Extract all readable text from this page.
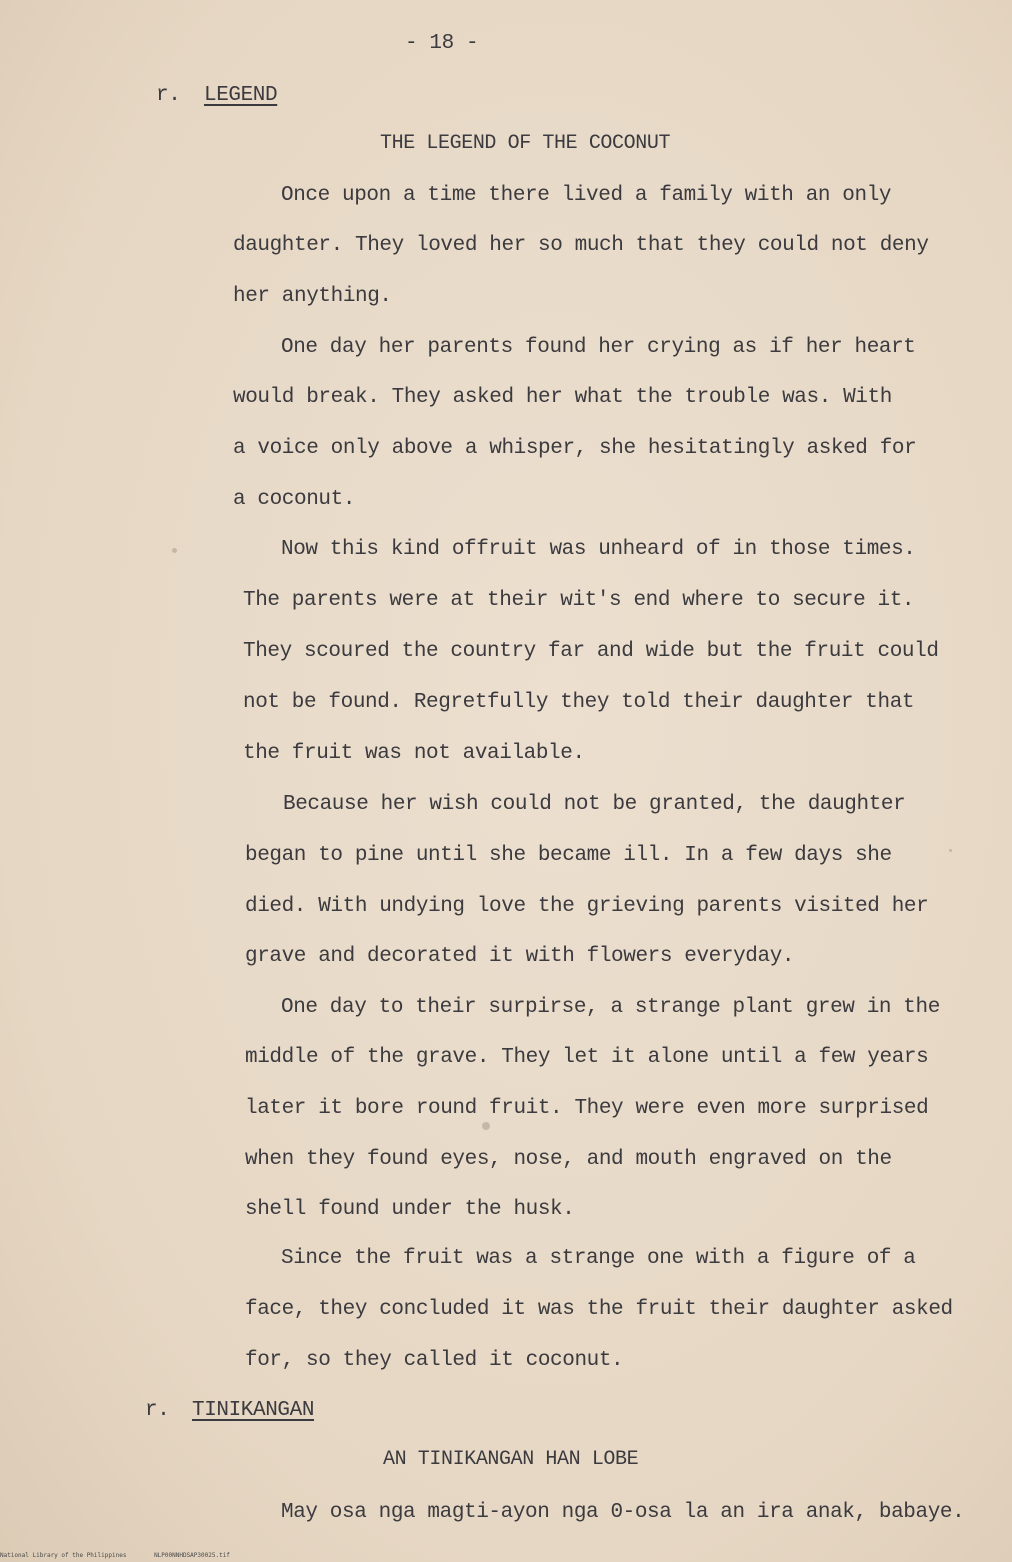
- 18 -
r. LEGEND
THE LEGEND OF THE COCONUT
Once upon a time there lived a family with an only
daughter. They loved her so much that they could not deny
her anything.
One day her parents found her crying as if her heart
would break. They asked her what the trouble was. With
a voice only above a whisper, she hesitatingly asked for
a coconut.
Now this kind offruit was unheard of in those times.
The parents were at their wit's end where to secure it.
They scoured the country far and wide but the fruit could
not be found. Regretfully they told their daughter that
the fruit was not available.
Because her wish could not be granted, the daughter
began to pine until she became ill. In a few days she
died. With undying love the grieving parents visited her
grave and decorated it with flowers everyday.
One day to their surpirse, a strange plant grew in the
middle of the grave. They let it alone until a few years
later it bore round fruit. They were even more surprised
when they found eyes, nose, and mouth engraved on the
shell found under the husk.
Since the fruit was a strange one with a figure of a
face, they concluded it was the fruit their daughter asked
for, so they called it coconut.
r. TINIKANGAN
AN TINIKANGAN HAN LOBE
May osa nga magti-ayon nga 0-osa la an ira anak, babaye.
National Library of the Philippines	NLP00NNHDSAP30025.tif
